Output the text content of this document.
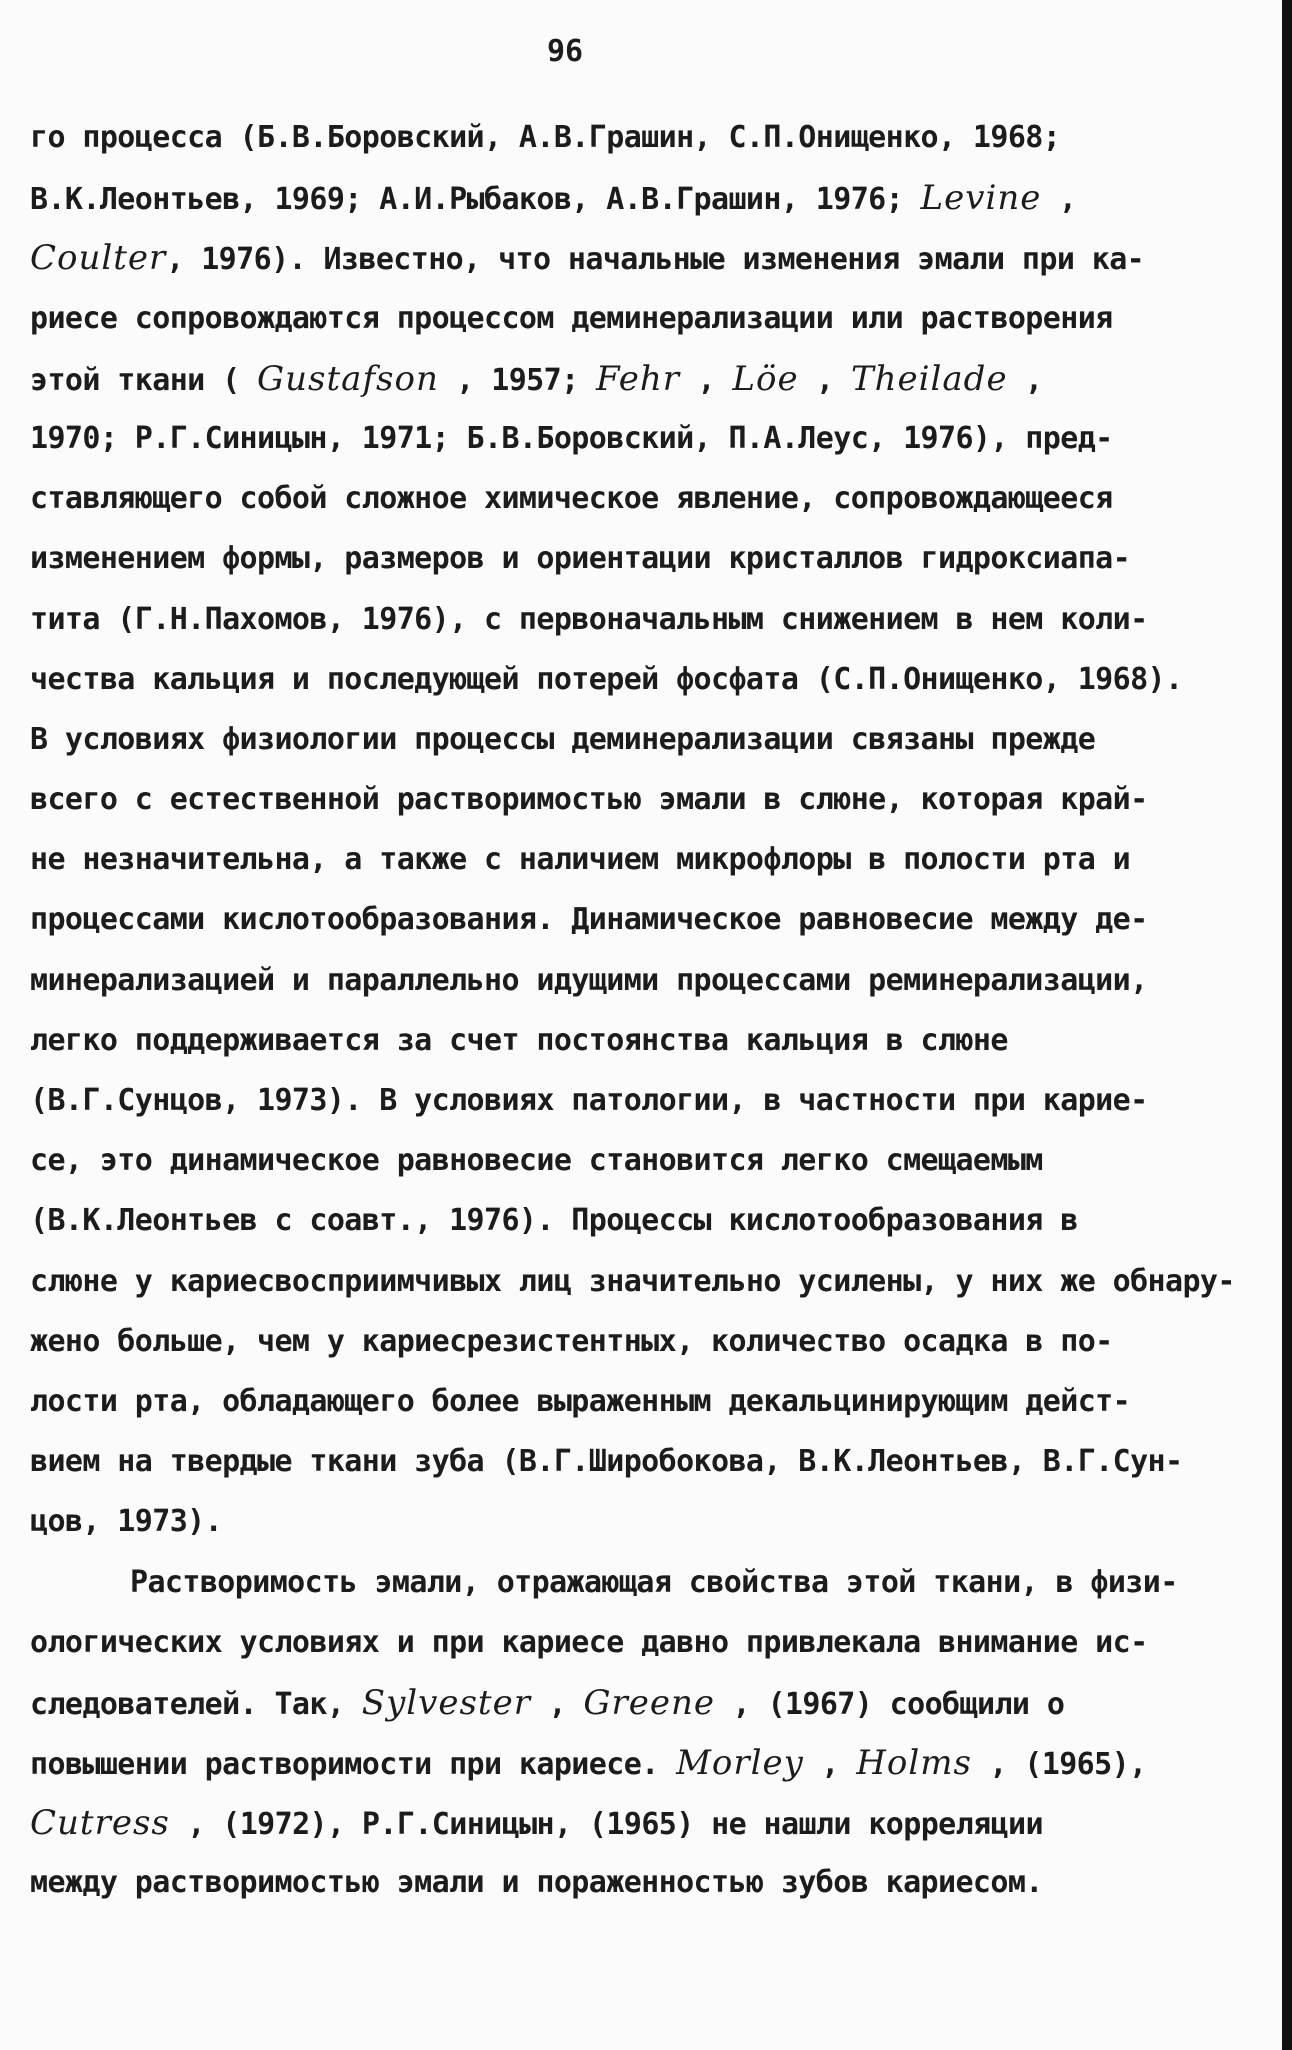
96
го процесса (Б.В.Боровский, А.В.Грашин, С.П.Онищенко, 1968;
В.К.Леонтьев, 1969; А.И.Рыбаков, А.В.Грашин, 1976; Levine ,
Coulter, 1976). Известно, что начальные изменения эмали при ка-
риесе сопровождаются процессом деминерализации или растворения
этой ткани ( Gustafson , 1957; Fehr , Löe , Theilade ,
1970; Р.Г.Синицын, 1971; Б.В.Боровский, П.А.Леус, 1976), пред-
ставляющего собой сложное химическое явление, сопровождающееся
изменением формы, размеров и ориентации кристаллов гидроксиапа-
тита (Г.Н.Пахомов, 1976), с первоначальным снижением в нем коли-
чества кальция и последующей потерей фосфата (С.П.Онищенко, 1968).
В условиях физиологии процессы деминерализации связаны прежде
всего с естественной растворимостью эмали в слюне, которая край-
не незначительна, а также с наличием микрофлоры в полости рта и
процессами кислотообразования. Динамическое равновесие между де-
минерализацией и параллельно идущими процессами реминерализации,
легко поддерживается за счет постоянства кальция в слюне
(В.Г.Сунцов, 1973). В условиях патологии, в частности при карие-
се, это динамическое равновесие становится легко смещаемым
(В.К.Леонтьев с соавт., 1976). Процессы кислотообразования в
слюне у кариесвосприимчивых лиц значительно усилены, у них же обнару-
жено больше, чем у кариесрезистентных, количество осадка в по-
лости рта, обладающего более выраженным декальцинирующим дейст-
вием на твердые ткани зуба (В.Г.Широбокова, В.К.Леонтьев, В.Г.Сун-
цов, 1973).
Растворимость эмали, отражающая свойства этой ткани, в физи-
ологических условиях и при кариесе давно привлекала внимание ис-
следователей. Так, Sylvester , Greene , (1967) сообщили о
повышении растворимости при кариесе. Morley , Holms , (1965),
Cutress , (1972), Р.Г.Синицын, (1965) не нашли корреляции
между растворимостью эмали и пораженностью зубов кариесом.
